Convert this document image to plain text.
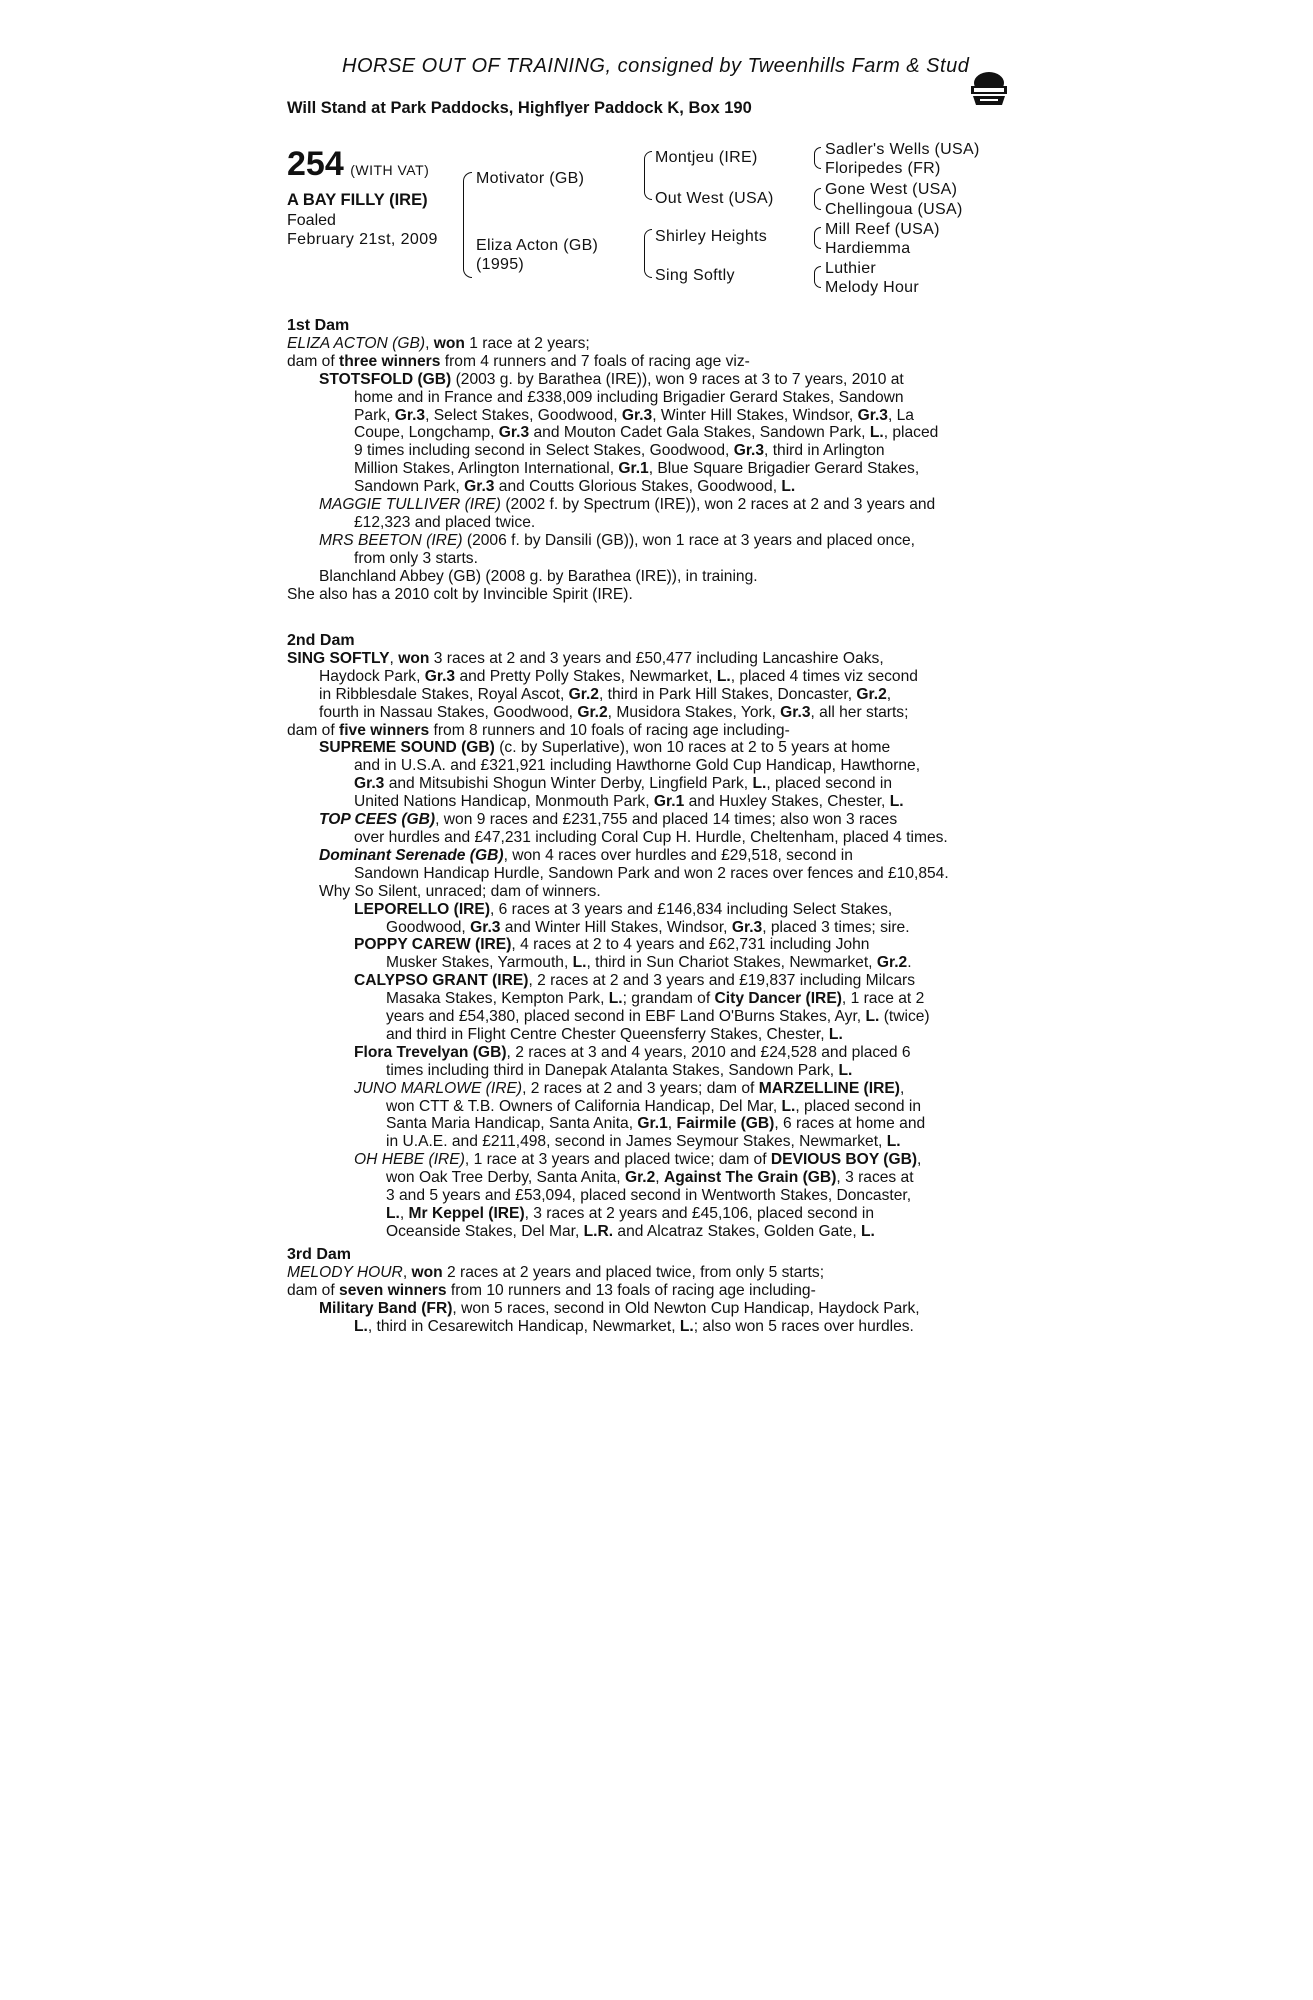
HORSE OUT OF TRAINING, consigned by Tweenhills Farm & Stud
Will Stand at Park Paddocks, Highflyer Paddock K, Box 190
254 (WITH VAT)
A BAY FILLY (IRE)
Foaled
February 21st, 2009
Motivator (GB)
Eliza Acton (GB)
(1995)
Montjeu (IRE)
Out West (USA)
Shirley Heights
Sing Softly
Sadler's Wells (USA)
Floripedes (FR)
Gone West (USA)
Chellingoua (USA)
Mill Reef (USA)
Hardiemma
Luthier
Melody Hour
1st Dam
ELIZA ACTON (GB), won 1 race at 2 years;
dam of three winners from 4 runners and 7 foals of racing age viz-
STOTSFOLD (GB) (2003 g. by Barathea (IRE)), won 9 races at 3 to 7 years, 2010 at
home and in France and £338,009 including Brigadier Gerard Stakes, Sandown
Park, Gr.3, Select Stakes, Goodwood, Gr.3, Winter Hill Stakes, Windsor, Gr.3, La
Coupe, Longchamp, Gr.3 and Mouton Cadet Gala Stakes, Sandown Park, L., placed
9 times including second in Select Stakes, Goodwood, Gr.3, third in Arlington
Million Stakes, Arlington International, Gr.1, Blue Square Brigadier Gerard Stakes,
Sandown Park, Gr.3 and Coutts Glorious Stakes, Goodwood, L.
MAGGIE TULLIVER (IRE) (2002 f. by Spectrum (IRE)), won 2 races at 2 and 3 years and
£12,323 and placed twice.
MRS BEETON (IRE) (2006 f. by Dansili (GB)), won 1 race at 3 years and placed once,
from only 3 starts.
Blanchland Abbey (GB) (2008 g. by Barathea (IRE)), in training.
She also has a 2010 colt by Invincible Spirit (IRE).
2nd Dam
SING SOFTLY, won 3 races at 2 and 3 years and £50,477 including Lancashire Oaks,
Haydock Park, Gr.3 and Pretty Polly Stakes, Newmarket, L., placed 4 times viz second
in Ribblesdale Stakes, Royal Ascot, Gr.2, third in Park Hill Stakes, Doncaster, Gr.2,
fourth in Nassau Stakes, Goodwood, Gr.2, Musidora Stakes, York, Gr.3, all her starts;
dam of five winners from 8 runners and 10 foals of racing age including-
SUPREME SOUND (GB) (c. by Superlative), won 10 races at 2 to 5 years at home
and in U.S.A. and £321,921 including Hawthorne Gold Cup Handicap, Hawthorne,
Gr.3 and Mitsubishi Shogun Winter Derby, Lingfield Park, L., placed second in
United Nations Handicap, Monmouth Park, Gr.1 and Huxley Stakes, Chester, L.
TOP CEES (GB), won 9 races and £231,755 and placed 14 times; also won 3 races
over hurdles and £47,231 including Coral Cup H. Hurdle, Cheltenham, placed 4 times.
Dominant Serenade (GB), won 4 races over hurdles and £29,518, second in
Sandown Handicap Hurdle, Sandown Park and won 2 races over fences and £10,854.
Why So Silent, unraced; dam of winners.
LEPORELLO (IRE), 6 races at 3 years and £146,834 including Select Stakes,
Goodwood, Gr.3 and Winter Hill Stakes, Windsor, Gr.3, placed 3 times; sire.
POPPY CAREW (IRE), 4 races at 2 to 4 years and £62,731 including John
Musker Stakes, Yarmouth, L., third in Sun Chariot Stakes, Newmarket, Gr.2.
CALYPSO GRANT (IRE), 2 races at 2 and 3 years and £19,837 including Milcars
Masaka Stakes, Kempton Park, L.; grandam of City Dancer (IRE), 1 race at 2
years and £54,380, placed second in EBF Land O'Burns Stakes, Ayr, L. (twice)
and third in Flight Centre Chester Queensferry Stakes, Chester, L.
Flora Trevelyan (GB), 2 races at 3 and 4 years, 2010 and £24,528 and placed 6
times including third in Danepak Atalanta Stakes, Sandown Park, L.
JUNO MARLOWE (IRE), 2 races at 2 and 3 years; dam of MARZELLINE (IRE),
won CTT & T.B. Owners of California Handicap, Del Mar, L., placed second in
Santa Maria Handicap, Santa Anita, Gr.1, Fairmile (GB), 6 races at home and
in U.A.E. and £211,498, second in James Seymour Stakes, Newmarket, L.
OH HEBE (IRE), 1 race at 3 years and placed twice; dam of DEVIOUS BOY (GB),
won Oak Tree Derby, Santa Anita, Gr.2, Against The Grain (GB), 3 races at
3 and 5 years and £53,094, placed second in Wentworth Stakes, Doncaster,
L., Mr Keppel (IRE), 3 races at 2 years and £45,106, placed second in
Oceanside Stakes, Del Mar, L.R. and Alcatraz Stakes, Golden Gate, L.
3rd Dam
MELODY HOUR, won 2 races at 2 years and placed twice, from only 5 starts;
dam of seven winners from 10 runners and 13 foals of racing age including-
Military Band (FR), won 5 races, second in Old Newton Cup Handicap, Haydock Park,
L., third in Cesarewitch Handicap, Newmarket, L.; also won 5 races over hurdles.
